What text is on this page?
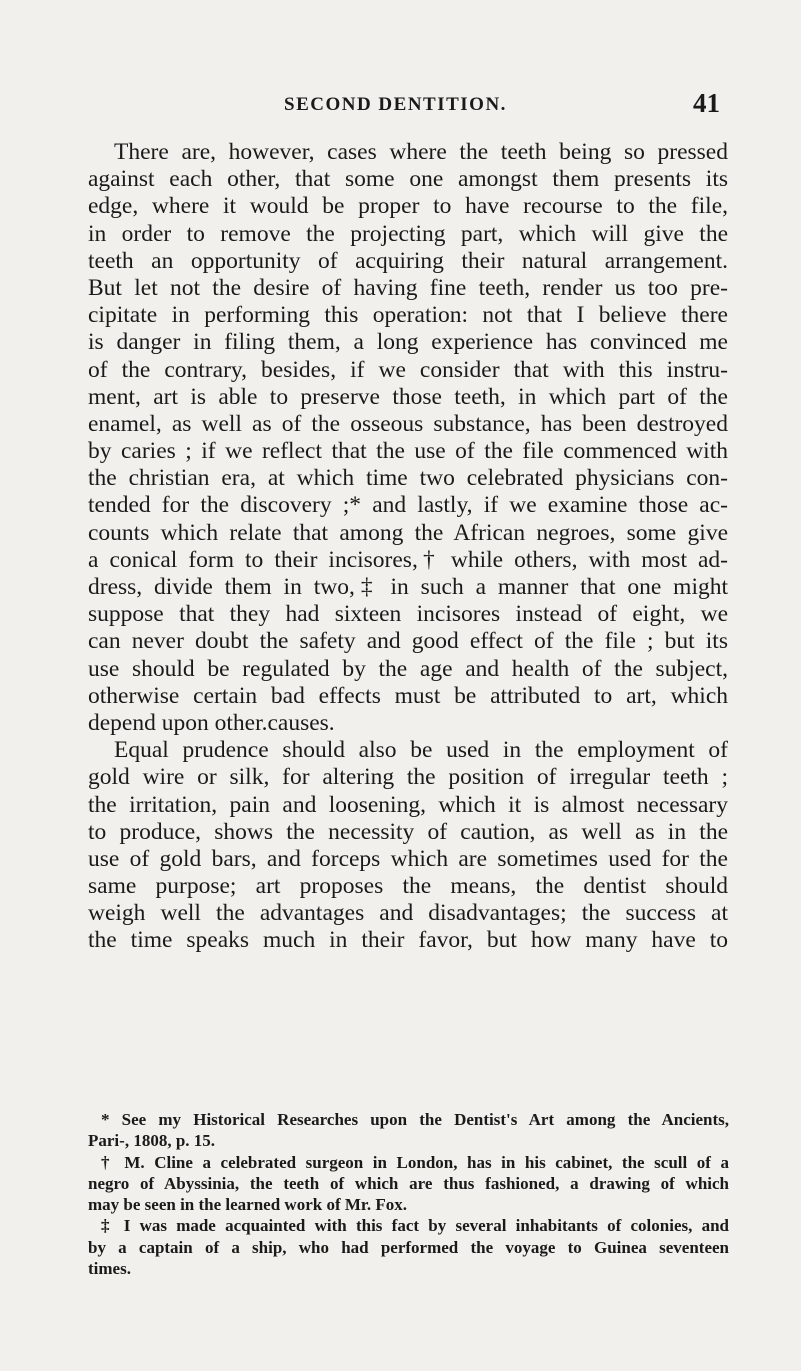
SECOND DENTITION.	41
There are, however, cases where the teeth being so pressed
against each other, that some one amongst them presents its
edge, where it would be proper to have recourse to the file,
in order to remove the projecting part, which will give the
teeth an opportunity of acquiring their natural arrangement.
But let not the desire of having fine teeth, render us too pre-
cipitate in performing this operation: not that I believe there
is danger in filing them, a long experience has convinced me
of the contrary, besides, if we consider that with this instru-
ment, art is able to preserve those teeth, in which part of the
enamel, as well as of the osseous substance, has been destroyed
by caries ; if we reflect that the use of the file commenced with
the christian era, at which time two celebrated physicians con-
tended for the discovery ;* and lastly, if we examine those ac-
counts which relate that among the African negroes, some give
a conical form to their incisores,† while others, with most ad-
dress, divide them in two,‡ in such a manner that one might
suppose that they had sixteen incisores instead of eight, we
can never doubt the safety and good effect of the file ; but its
use should be regulated by the age and health of the subject,
otherwise certain bad effects must be attributed to art, which
depend upon other.causes.
Equal prudence should also be used in the employment of
gold wire or silk, for altering the position of irregular teeth ;
the irritation, pain and loosening, which it is almost necessary
to produce, shows the necessity of caution, as well as in the
use of gold bars, and forceps which are sometimes used for the
same purpose; art proposes the means, the dentist should
weigh well the advantages and disadvantages; the success at
the time speaks much in their favor, but how many have to
* See my Historical Researches upon the Dentist's Art among the Ancients,
Pari-, 1808, p. 15.
† M. Cline a celebrated surgeon in London, has in his cabinet, the scull of a
negro of Abyssinia, the teeth of which are thus fashioned, a drawing of which
may be seen in the learned work of Mr. Fox.
‡ I was made acquainted with this fact by several inhabitants of colonies, and
by a captain of a ship, who had performed the voyage to Guinea seventeen
times.
